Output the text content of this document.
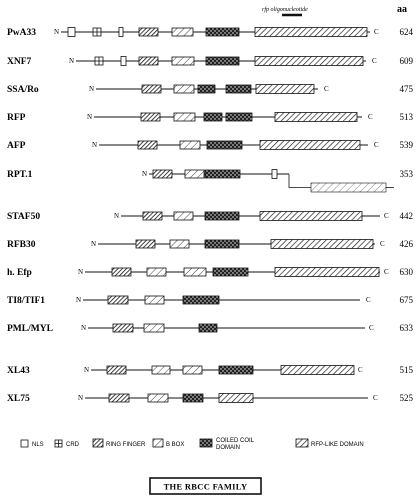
aa
rfp oligonucleotide
PwA33	624
N	C
XNF7	609
N	C
SSA/Ro	475
N	C
RFP	513
N	C
AFP	539
N	C
RPT.1	353
N
STAF50	442
N	C
RFB30	426
N	C
h. Efp	630
N	C
TI8/TIF1	675
N	C
PML/MYL	633
N	C
XL43	515
N	C
XL75	525
N	C
NLS	CRD	RING FINGER	B BOX
COILED COIL
DOMAIN	RFP-LIKE DOMAIN
THE RBCC FAMILY
